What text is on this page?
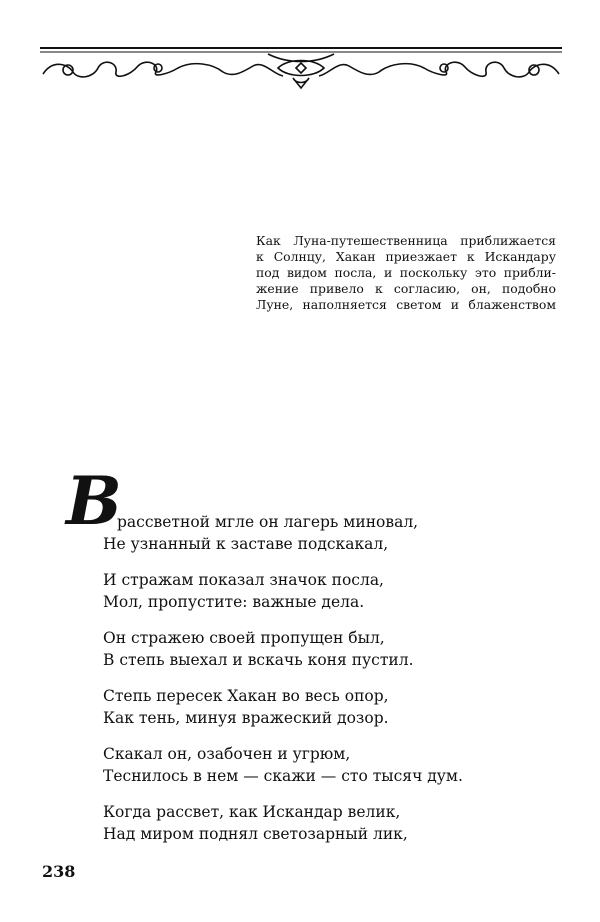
Как Луна-путешественница приближается
к Солнцу, Хакан приезжает к Искандару
под видом посла, и поскольку это прибли-
жение привело к согласию, он, подобно
Луне, наполняется светом и блаженством
В
рассветной мгле он лагерь миновал,
Не узнанный к заставе подскакал,
И стражам показал значок посла,
Мол, пропустите: важные дела.
Он стражею своей пропущен был,
В степь выехал и вскачь коня пустил.
Степь пересек Хакан во весь опор,
Как тень, минуя вражеский дозор.
Скакал он, озабочен и угрюм,
Теснилось в нем — скажи — сто тысяч дум.
Когда рассвет, как Искандар велик,
Над миром поднял светозарный лик,
238
